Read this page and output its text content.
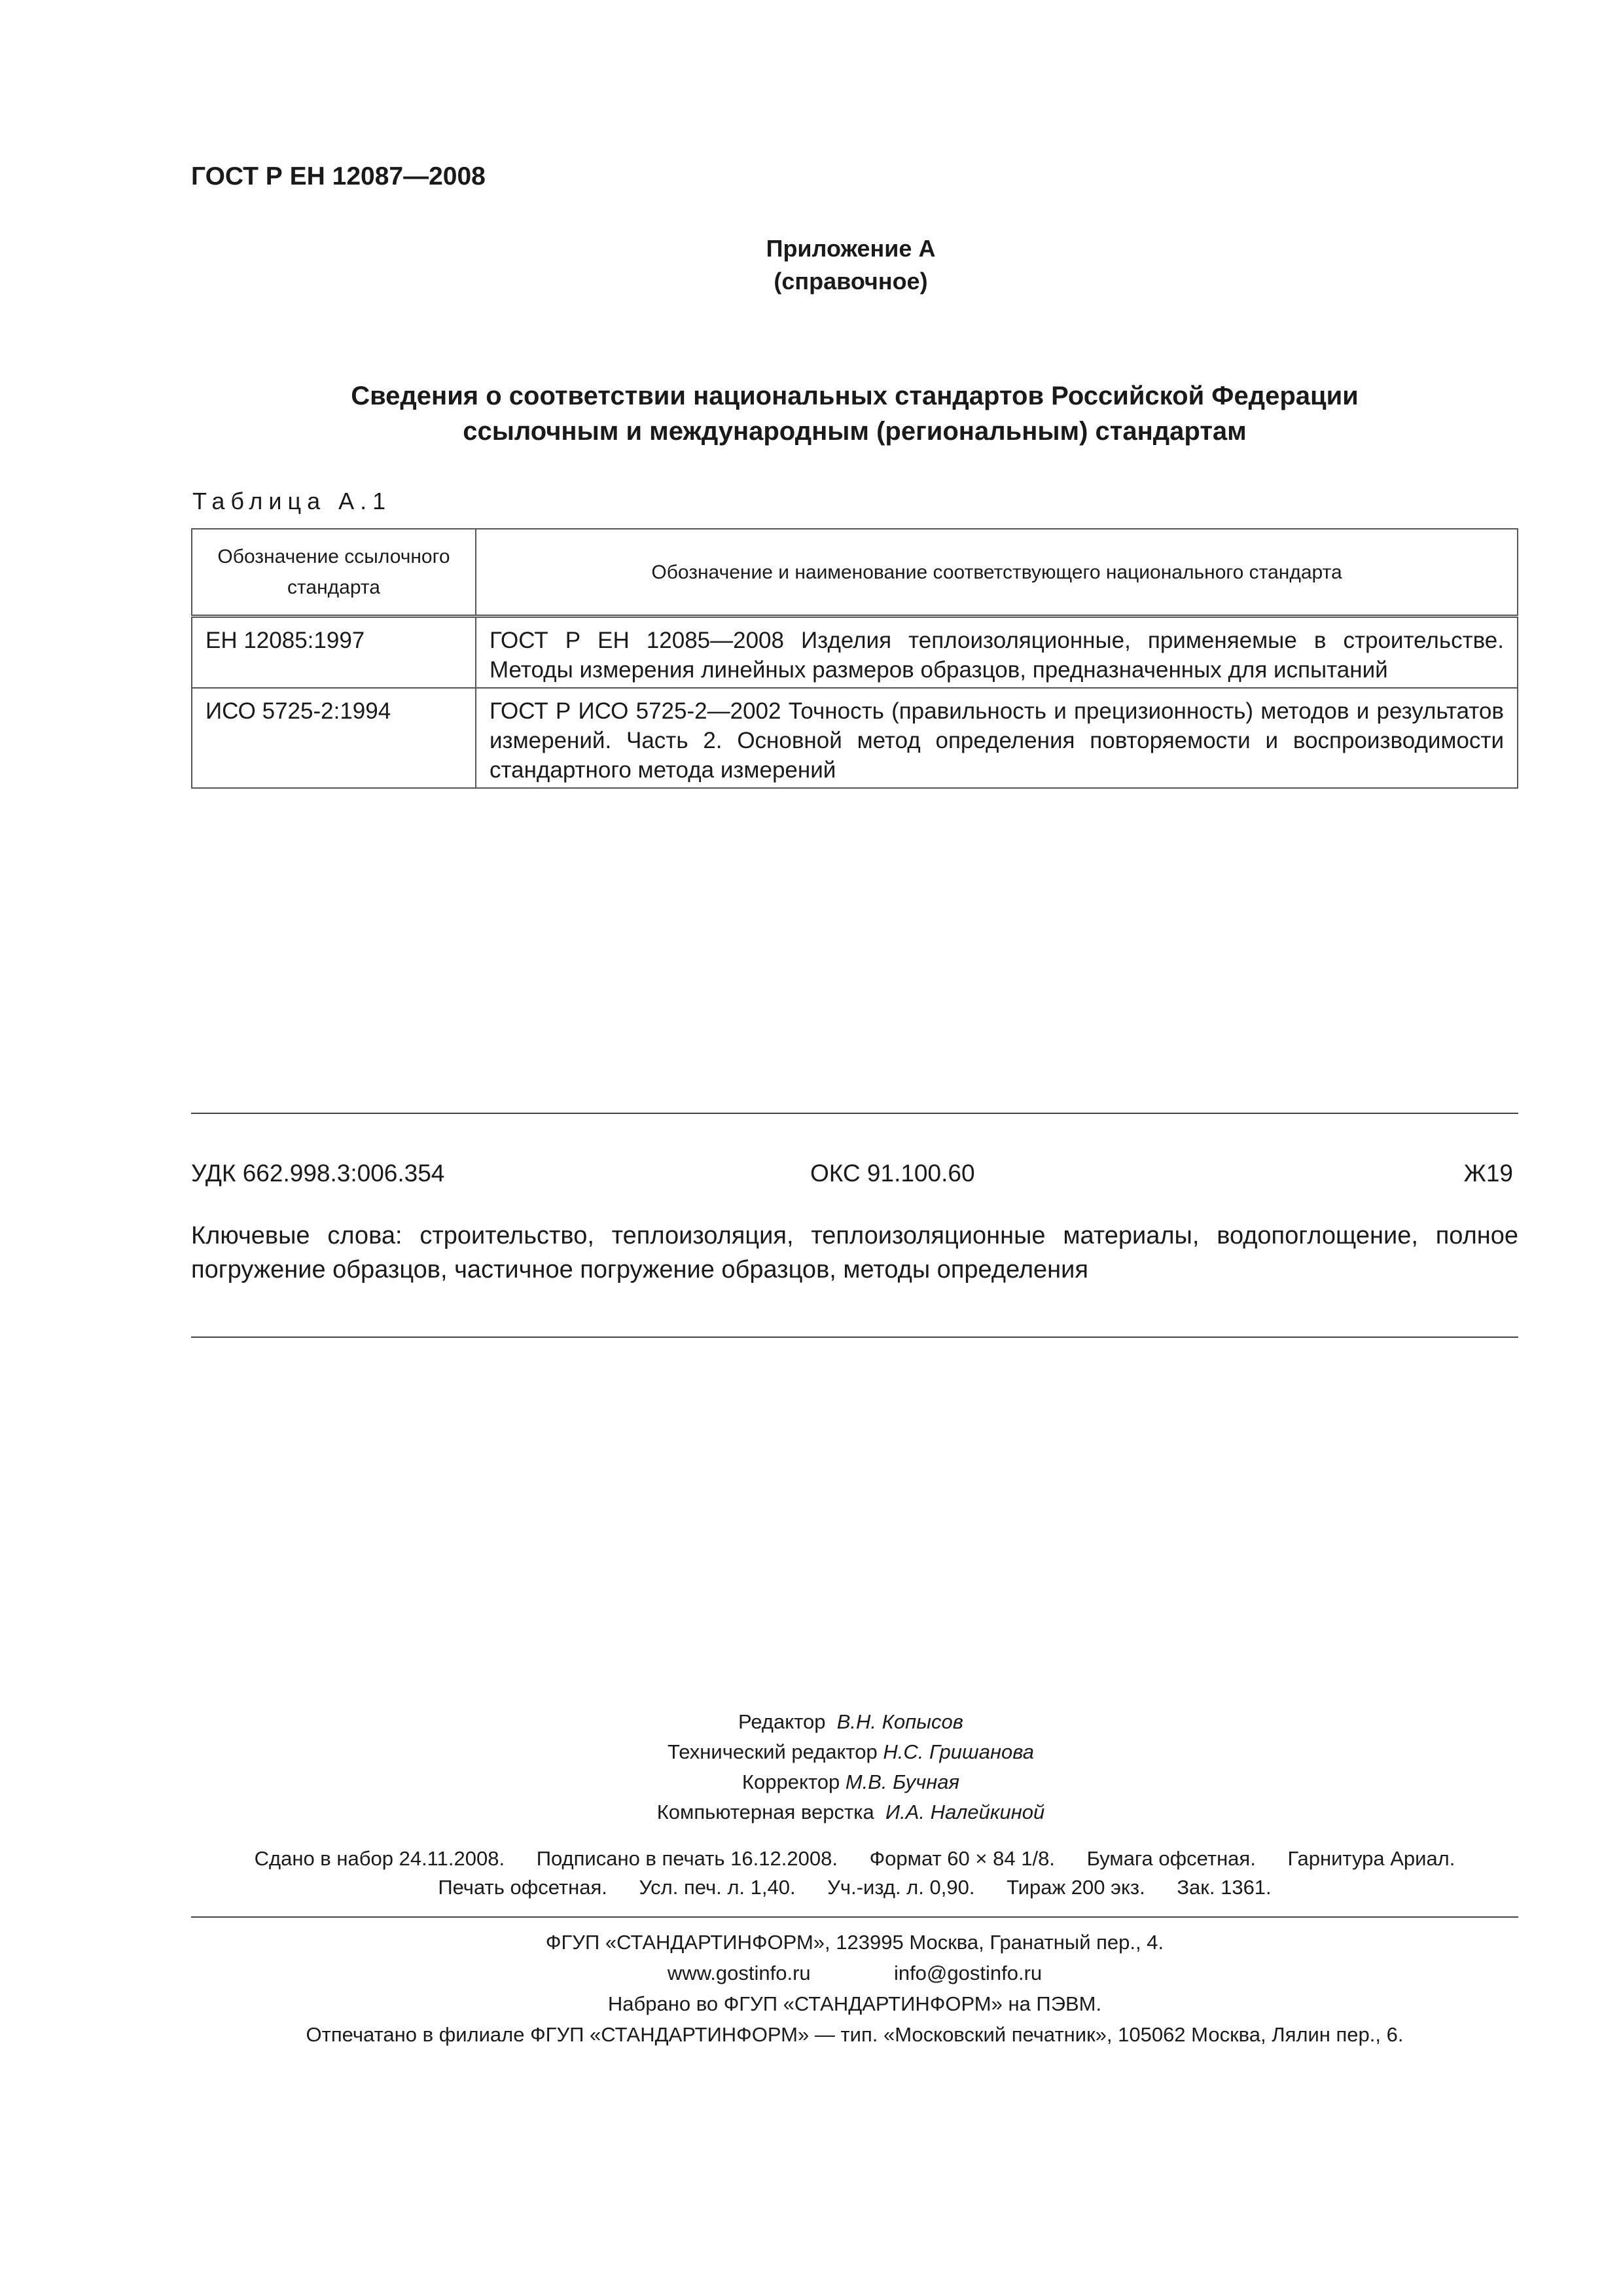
ГОСТ Р ЕН 12087—2008
Приложение А
(справочное)
Сведения о соответствии национальных стандартов Российской Федерации
ссылочным и международным (региональным) стандартам
Таблица А.1
Обозначение ссылочного стандарта	Обозначение и наименование соответствующего национального стандарта
ЕН 12085:1997	ГОСТ Р ЕН 12085—2008 Изделия теплоизоляционные, применяемые в строительстве. Методы измерения линейных размеров образцов, предназначенных для испытаний
ИСО 5725-2:1994	ГОСТ Р ИСО 5725-2—2002 Точность (правильность и прецизионность) методов и результатов измерений. Часть 2. Основной метод определения повторяемости и воспроизводимости стандартного метода измерений
УДК 662.998.3:006.354	ОКС 91.100.60	Ж19
Ключевые слова: строительство, теплоизоляция, теплоизоляционные материалы, водопоглощение, полное погружение образцов, частичное погружение образцов, методы определения
Редактор В.Н. Копысов
Технический редактор Н.С. Гришанова
Корректор М.В. Бучная
Компьютерная верстка И.А. Налейкиной
Сдано в набор 24.11.2008. Подписано в печать 16.12.2008. Формат 60 × 84 1/8. Бумага офсетная. Гарнитура Ариал.
Печать офсетная. Усл. печ. л. 1,40. Уч.-изд. л. 0,90. Тираж 200 экз. Зак. 1361.
ФГУП «СТАНДАРТИНФОРМ», 123995 Москва, Гранатный пер., 4.
www.gostinfo.ru	info@gostinfo.ru
Набрано во ФГУП «СТАНДАРТИНФОРМ» на ПЭВМ.
Отпечатано в филиале ФГУП «СТАНДАРТИНФОРМ» — тип. «Московский печатник», 105062 Москва, Лялин пер., 6.
